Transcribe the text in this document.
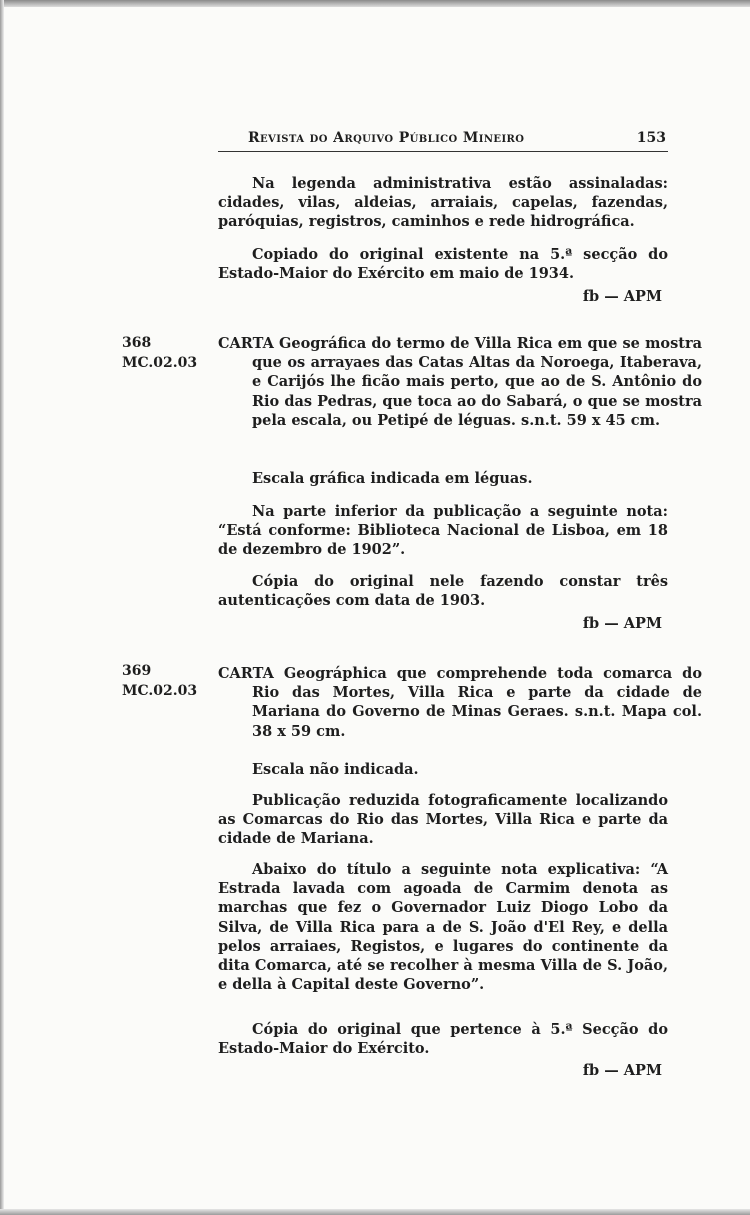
Revista do Arquivo Público Mineiro	153

Na legenda administrativa estão assinaladas: cidades, vilas, aldeias, arraiais, capelas, fazendas, paróquias, registros, caminhos e rede hidrográfica.

Copiado do original existente na 5.ª secção do Estado-Maior do Exército em maio de 1934.

fb — APM
368
MC.02.03

CARTA Geográfica do termo de Villa Rica em que se mostra que os arrayaes das Catas Altas da Noroega, Itaberava, e Carijós lhe ficão mais perto, que ao de S. Antônio do Rio das Pedras, que toca ao do Sabará, o que se mostra pela escala, ou Petipé de léguas. s.n.t. 59 x 45 cm.

Escala gráfica indicada em léguas.

Na parte inferior da publicação a seguinte nota: “Está conforme: Biblioteca Nacional de Lisboa, em 18 de dezembro de 1902”.

Cópia do original nele fazendo constar três autenticações com data de 1903.

fb — APM
369
MC.02.03

CARTA Geográphica que comprehende toda comarca do Rio das Mortes, Villa Rica e parte da cidade de Mariana do Governo de Minas Geraes. s.n.t. Mapa col. 38 x 59 cm.

Escala não indicada.

Publicação reduzida fotograficamente localizando as Comarcas do Rio das Mortes, Villa Rica e parte da cidade de Mariana.

Abaixo do título a seguinte nota explicativa: “A Estrada lavada com agoada de Carmim denota as marchas que fez o Governador Luiz Diogo Lobo da Silva, de Villa Rica para a de S. João d'El Rey, e della pelos arraiaes, Registos, e lugares do continente da dita Comarca, até se recolher à mesma Villa de S. João, e della à Capital deste Governo”.

Cópia do original que pertence à 5.ª Secção do Estado-Maior do Exército.

fb — APM
